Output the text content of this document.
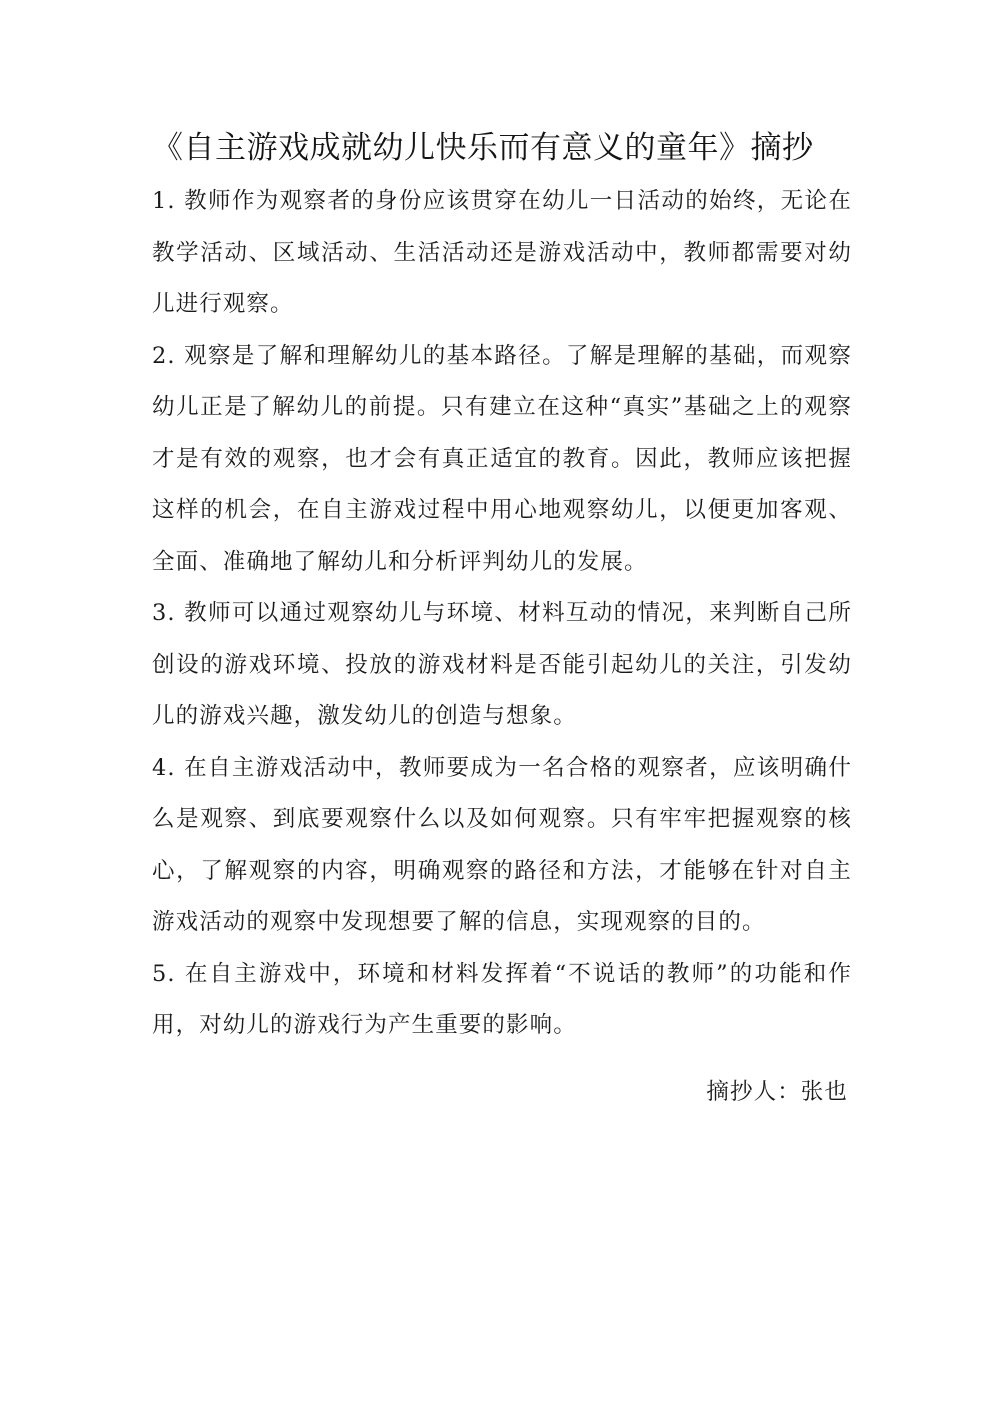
《自主游戏成就幼儿快乐而有意义的童年》摘抄

1. 教师作为观察者的身份应该贯穿在幼儿一日活动的始终，无论在教学活动、区域活动、生活活动还是游戏活动中，教师都需要对幼儿进行观察。

2. 观察是了解和理解幼儿的基本路径。了解是理解的基础，而观察幼儿正是了解幼儿的前提。只有建立在这种“真实”基础之上的观察才是有效的观察，也才会有真正适宜的教育。因此，教师应该把握这样的机会，在自主游戏过程中用心地观察幼儿，以便更加客观、全面、准确地了解幼儿和分析评判幼儿的发展。

3. 教师可以通过观察幼儿与环境、材料互动的情况，来判断自己所创设的游戏环境、投放的游戏材料是否能引起幼儿的关注，引发幼儿的游戏兴趣，激发幼儿的创造与想象。

4. 在自主游戏活动中，教师要成为一名合格的观察者，应该明确什么是观察、到底要观察什么以及如何观察。只有牢牢把握观察的核心，了解观察的内容，明确观察的路径和方法，才能够在针对自主游戏活动的观察中发现想要了解的信息，实现观察的目的。

5. 在自主游戏中，环境和材料发挥着“不说话的教师”的功能和作用，对幼儿的游戏行为产生重要的影响。

摘抄人：张也
